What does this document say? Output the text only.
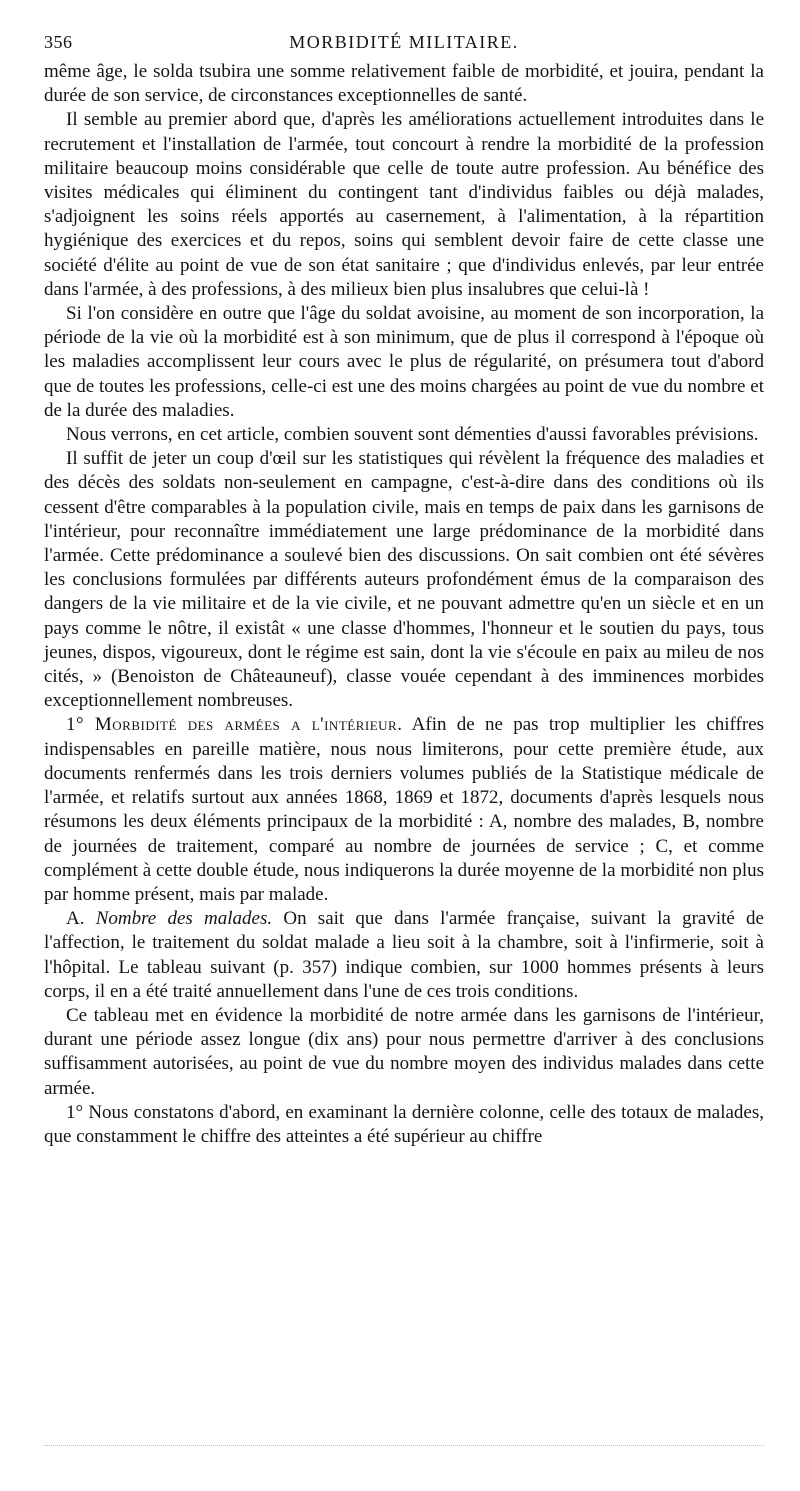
356	MORBIDITÉ MILITAIRE.

même âge, le solda tsubira une somme relativement faible de morbidité, et jouira, pendant la durée de son service, de circonstances exceptionnelles de santé.

Il semble au premier abord que, d'après les améliorations actuellement introduites dans le recrutement et l'installation de l'armée, tout concourt à rendre la morbidité de la profession militaire beaucoup moins considérable que celle de toute autre profession. Au bénéfice des visites médicales qui éliminent du contingent tant d'individus faibles ou déjà malades, s'adjoignent les soins réels apportés au casernement, à l'alimentation, à la répartition hygiénique des exercices et du repos, soins qui semblent devoir faire de cette classe une société d'élite au point de vue de son état sanitaire ; que d'individus enlevés, par leur entrée dans l'armée, à des professions, à des milieux bien plus insalubres que celui-là !

Si l'on considère en outre que l'âge du soldat avoisine, au moment de son incorporation, la période de la vie où la morbidité est à son minimum, que de plus il correspond à l'époque où les maladies accomplissent leur cours avec le plus de régularité, on présumera tout d'abord que de toutes les professions, celle-ci est une des moins chargées au point de vue du nombre et de la durée des maladies.

Nous verrons, en cet article, combien souvent sont démenties d'aussi favorables prévisions.

Il suffit de jeter un coup d'œil sur les statistiques qui révèlent la fréquence des maladies et des décès des soldats non-seulement en campagne, c'est-à-dire dans des conditions où ils cessent d'être comparables à la population civile, mais en temps de paix dans les garnisons de l'intérieur, pour reconnaître immédiatement une large prédominance de la morbidité dans l'armée. Cette prédominance a soulevé bien des discussions. On sait combien ont été sévères les conclusions formulées par différents auteurs profondément émus de la comparaison des dangers de la vie militaire et de la vie civile, et ne pouvant admettre qu'en un siècle et en un pays comme le nôtre, il existât « une classe d'hommes, l'honneur et le soutien du pays, tous jeunes, dispos, vigoureux, dont le régime est sain, dont la vie s'écoule en paix au mileu de nos cités, » (Benoiston de Châteauneuf), classe vouée cependant à des imminences morbides exceptionnellement nombreuses.

1° Morbidité des armées a l'intérieur. Afin de ne pas trop multiplier les chiffres indispensables en pareille matière, nous nous limiterons, pour cette première étude, aux documents renfermés dans les trois derniers volumes publiés de la Statistique médicale de l'armée, et relatifs surtout aux années 1868, 1869 et 1872, documents d'après lesquels nous résumons les deux éléments principaux de la morbidité : A, nombre des malades, B, nombre de journées de traitement, comparé au nombre de journées de service ; C, et comme complément à cette double étude, nous indiquerons la durée moyenne de la morbidité non plus par homme présent, mais par malade.

A. Nombre des malades. On sait que dans l'armée française, suivant la gravité de l'affection, le traitement du soldat malade a lieu soit à la chambre, soit à l'infirmerie, soit à l'hôpital. Le tableau suivant (p. 357) indique combien, sur 1000 hommes présents à leurs corps, il en a été traité annuellement dans l'une de ces trois conditions.

Ce tableau met en évidence la morbidité de notre armée dans les garnisons de l'intérieur, durant une période assez longue (dix ans) pour nous permettre d'arriver à des conclusions suffisamment autorisées, au point de vue du nombre moyen des individus malades dans cette armée.

1° Nous constatons d'abord, en examinant la dernière colonne, celle des totaux de malades, que constamment le chiffre des atteintes a été supérieur au chiffre
